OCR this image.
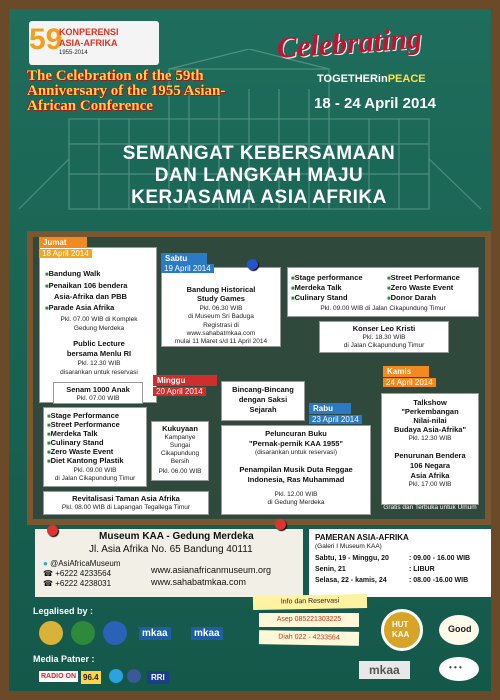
59
KONPERENSI
ASIA-AFRIKA
1955-2014
The Celebration of the 59th Anniversary of the 1955 Asian-African Conference
Celebrating
TOGETHERinPEACE
18 - 24 April 2014
SEMANGAT KEBERSAMAAN
DAN LANGKAH MAJU
KERJASAMA ASIA AFRIKA
Jumat
18 April 2014
■ Bandung Walk
■ Penaikan 106 bendera
Asia-Afrika dan PBB
■ Parade Asia Afrika
Pkl. 07.00 WIB di Komplek
Gedung Merdeka
Public Lecture
bersama Menlu RI
Pkl. 12.30 WIB
disarankan untuk reservasi
Sabtu
19 April 2014
Bandung Historical
Study Games
Pkl. 06.30 WIB
di Museum Sri Baduga
Registrasi di
www.sahabatmkaa.com
mulai 11 Maret s/d 11 April 2014
■ Stage performance
■ Merdeka Talk
■ Culinary Stand
■ Street Performance
■ Zero Waste Event
■ Donor Darah
Pkl. 09.00 WIB di Jalan Cikapundung Timur
Konser Leo Kristi
Pkl. 18.30 WIB
di Jalan Cikapundung Timur
Senam 1000 Anak
Pkl. 07.00 WIB
Minggu
20 April 2014
■ Stage Performance
■ Street Performance
■ Merdeka Talk
■ Culinary Stand
■ Zero Waste Event
■ Diet Kantong Plastik
Pkl. 09.00 WIB
di Jalan Cikapundung Timur
Kukuyaan
Kampanye
Sungai
Cikapundung
Bersih
Pkl. 06.00 WIB
Revitalisasi Taman Asia Afrika
Pkl. 08.00 WIB di Lapangan Tegallega Timur
Bincang-Bincang
dengan Saksi
Sejarah	Rabu
23 April 2014
Peluncuran Buku
"Pernak-pernik KAA 1955"
(disarankan untuk reservasi)
Penampilan Musik Duta Reggae
Indonesia, Ras Muhammad
Pkl. 12.00 WIB
di Gedung Merdeka
Kamis
24 April 2014
Talkshow
"Perkembangan
Nilai-nilai
Budaya Asia-Afrika"
Pkl. 12.30 WIB
Penurunan Bendera
106 Negara
Asia Afrika
Pkl. 17.00 WIB
di Gedung Merdeka
Gratis dan Terbuka untuk Umum
Museum KAA - Gedung Merdeka
Jl. Asia Afrika No. 65 Bandung 40111
● @AsiAfricaMuseum
☎ +6222 4233564
☎ +6222 4238031
www.asianafricanmuseum.org
www.sahabatmkaa.com
PAMERAN ASIA-AFRIKA
(Galeri I Museum KAA)
Sabtu, 19 - Minggu, 20	: 09.00 - 16.00 WIB
Senin, 21	: LIBUR
Selasa, 22 - kamis, 24	: 08.00 -16.00 WIB
Info dan Reservasi
Asep 085221303225
Diah 022 - 4233564
Legalised by :
mkaa	mkaa
Media Patner :
RADIO ON 96.4	RRI
HUT
KAA
Good
mkaa	• • •
